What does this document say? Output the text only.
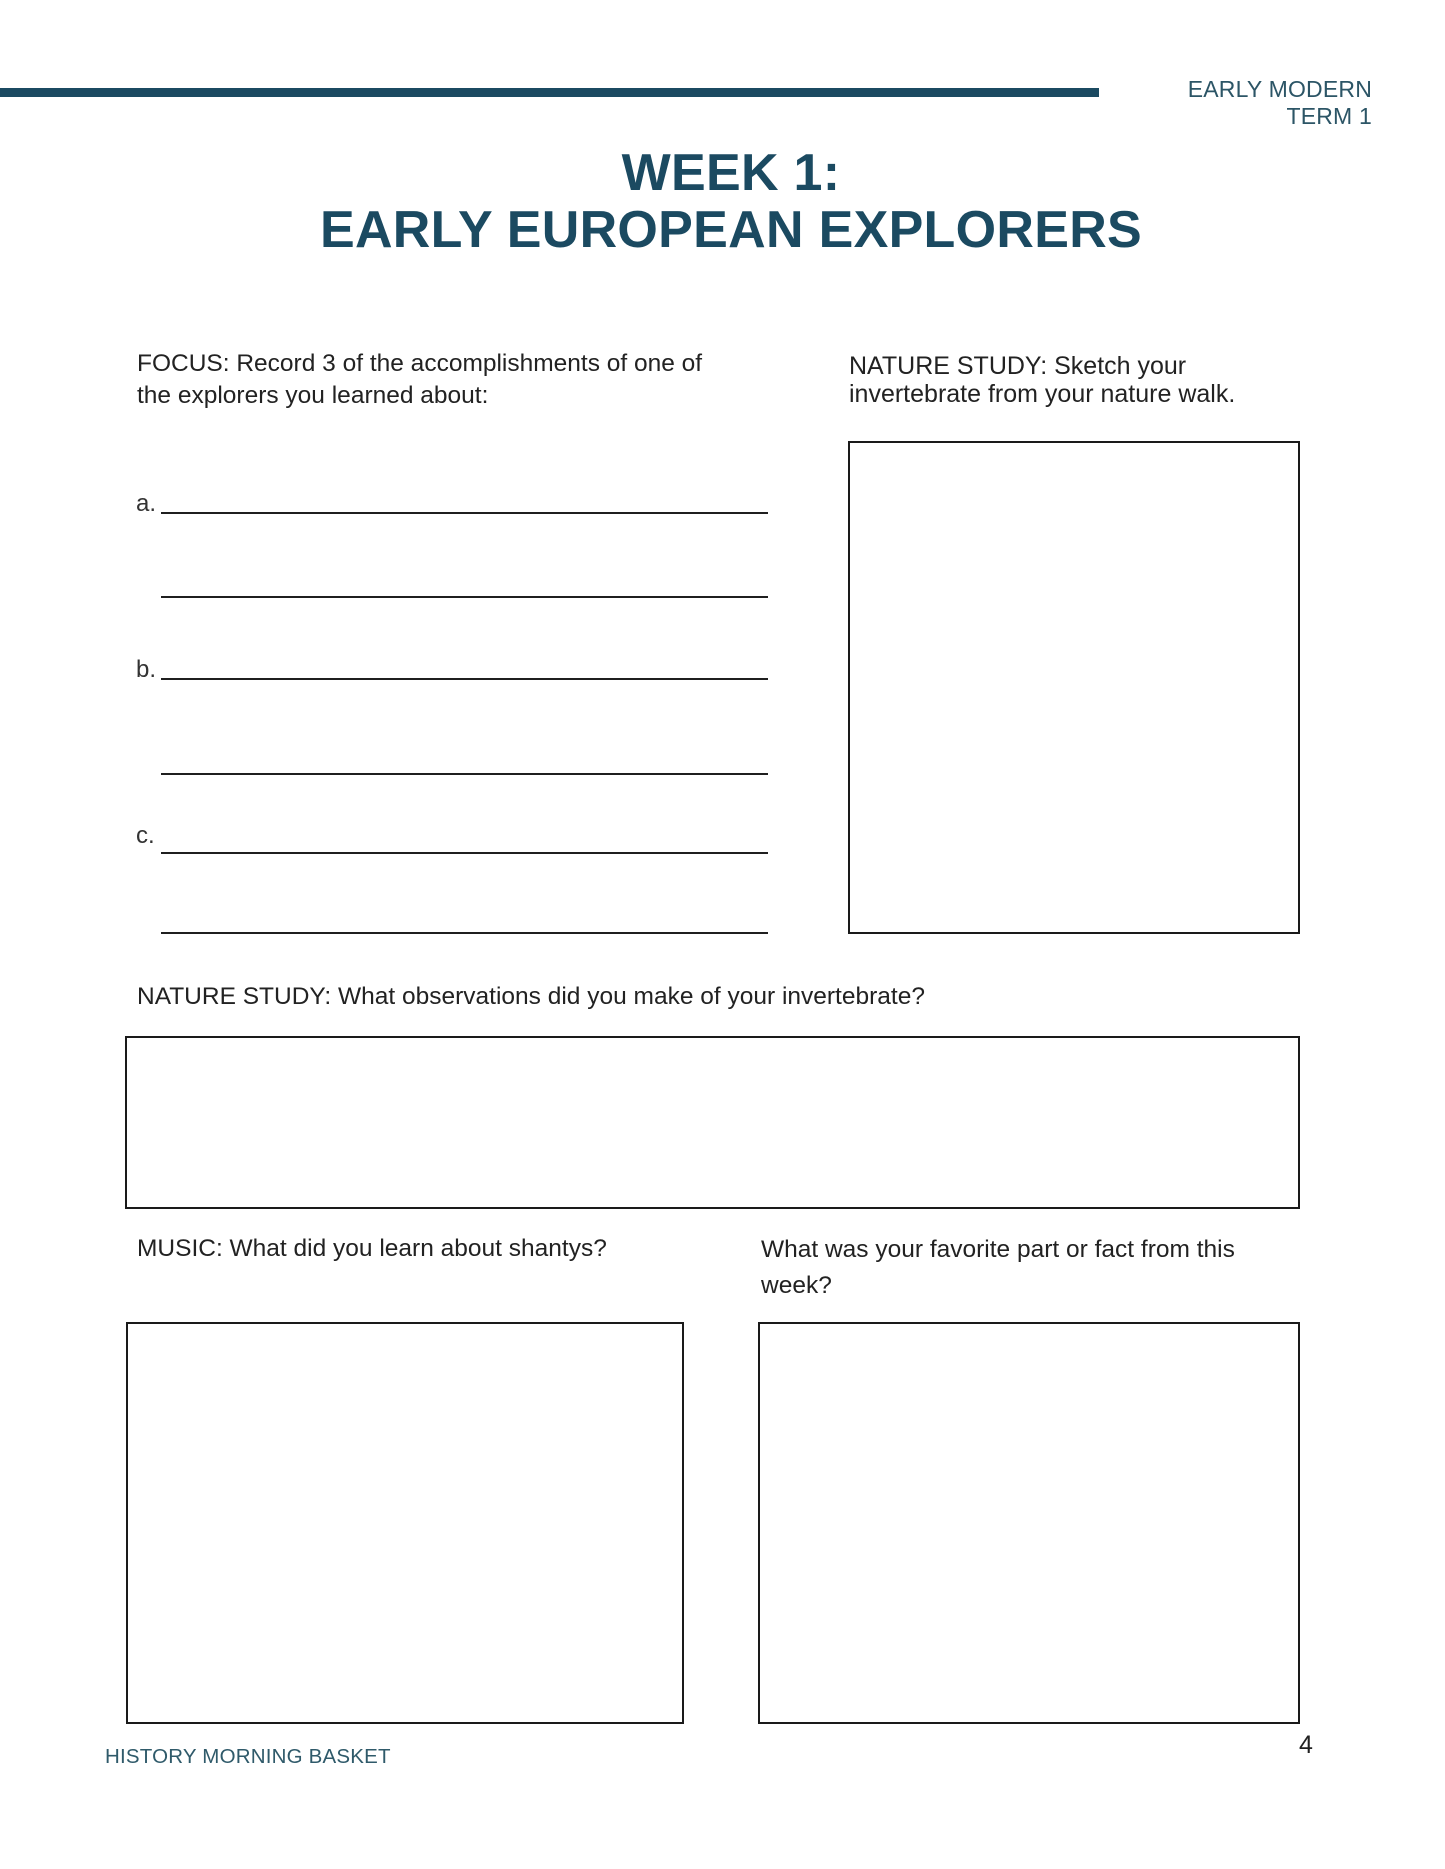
EARLY MODERN
TERM 1
WEEK 1:
EARLY EUROPEAN EXPLORERS
FOCUS: Record 3 of the accomplishments of one of
the explorers you learned about:
a.
b.
c.
NATURE STUDY: Sketch your
invertebrate from your nature walk.
NATURE STUDY: What observations did you make of your invertebrate?
MUSIC: What did you learn about shantys?	What was your favorite part or fact from this
week?
HISTORY MORNING BASKET	4
